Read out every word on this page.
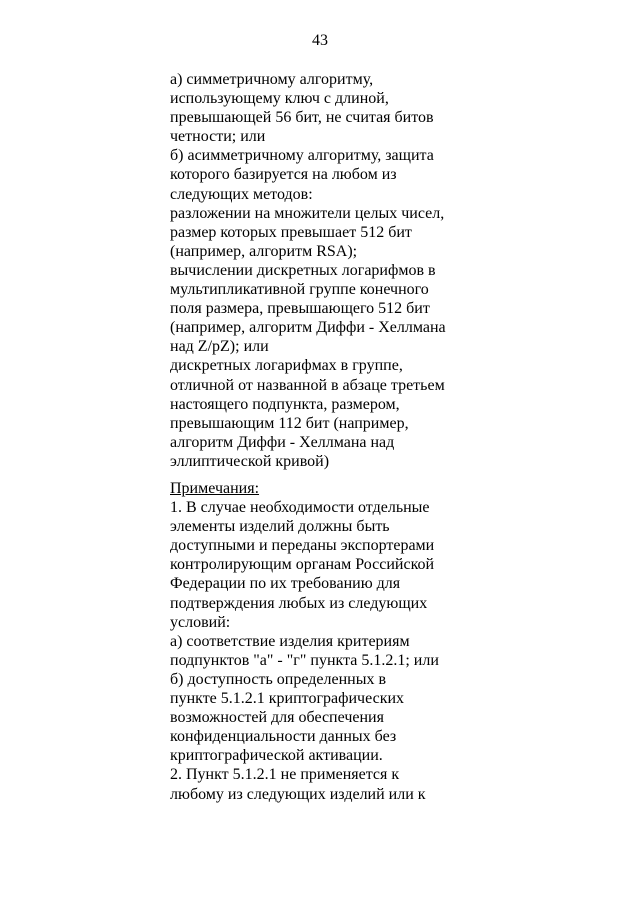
43
а) симметричному алгоритму,
использующему ключ с длиной,
превышающей 56 бит, не считая битов
четности; или
б) асимметричному алгоритму, защита
которого базируется на любом из
следующих методов:
разложении на множители целых чисел,
размер которых превышает 512 бит
(например, алгоритм RSA);
вычислении дискретных логарифмов в
мультипликативной группе конечного
поля размера, превышающего 512 бит
(например, алгоритм Диффи - Хеллмана
над Z/pZ); или
дискретных логарифмах в группе,
отличной от названной в абзаце третьем
настоящего подпункта, размером,
превышающим 112 бит (например,
алгоритм Диффи - Хеллмана над
эллиптической кривой)
Примечания:
1. В случае необходимости отдельные
элементы изделий должны быть
доступными и переданы экспортерами
контролирующим органам Российской
Федерации по их требованию для
подтверждения любых из следующих
условий:
а) соответствие изделия критериям
подпунктов "а" - "г" пункта 5.1.2.1; или
б) доступность определенных в
пункте 5.1.2.1 криптографических
возможностей для обеспечения
конфиденциальности данных без
криптографической активации.
2. Пункт 5.1.2.1 не применяется к
любому из следующих изделий или к
